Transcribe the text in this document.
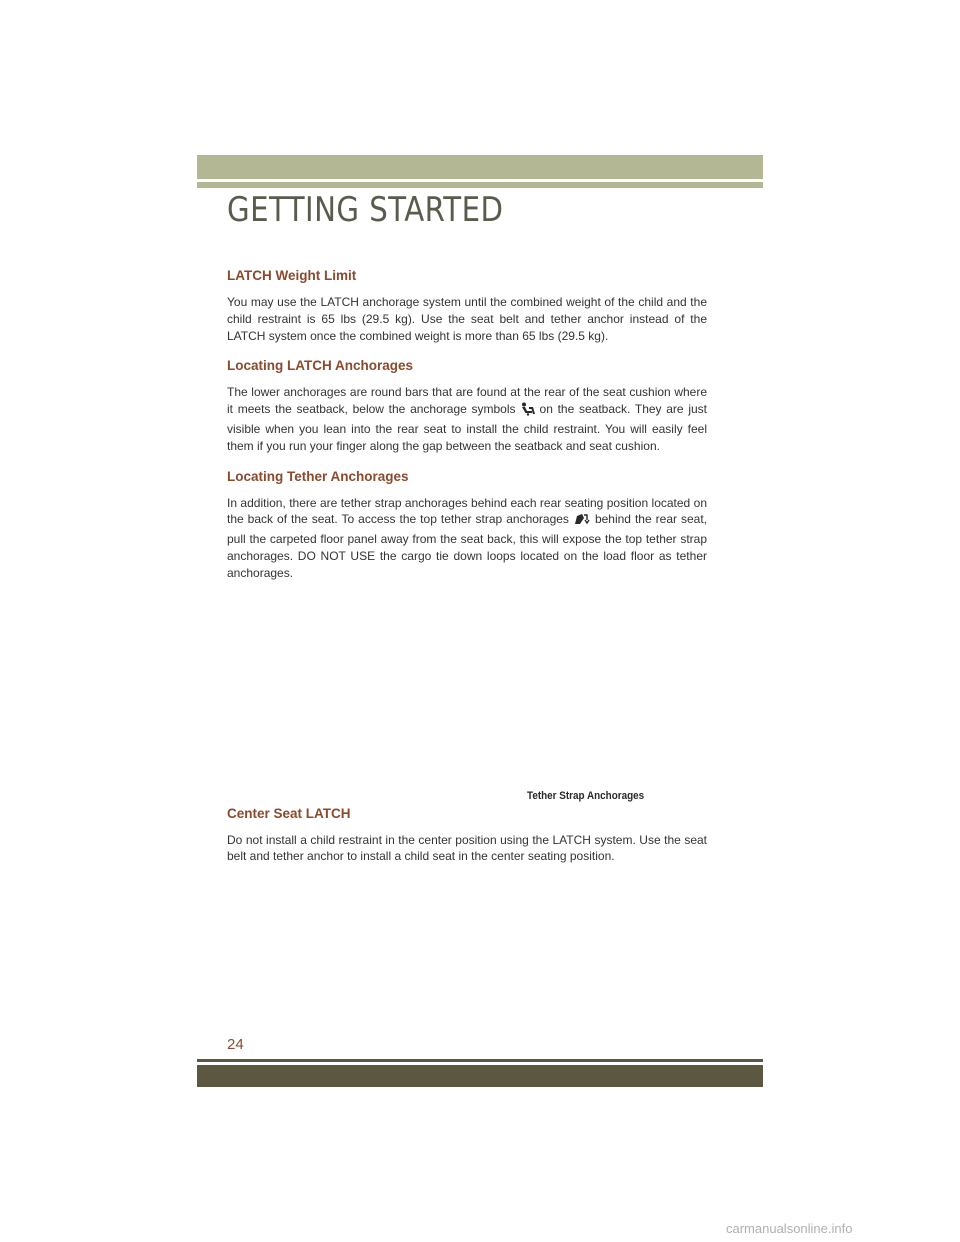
GETTING STARTED
LATCH Weight Limit

You may use the LATCH anchorage system until the combined weight of the child and the child restraint is 65 lbs (29.5 kg). Use the seat belt and tether anchor instead of the LATCH system once the combined weight is more than 65 lbs (29.5 kg).

Locating LATCH Anchorages

The lower anchorages are round bars that are found at the rear of the seat cushion where it meets the seatback, below the anchorage symbols on the seatback. They are just visible when you lean into the rear seat to install the child restraint. You will easily feel them if you run your finger along the gap between the seatback and seat cushion.

Locating Tether Anchorages

In addition, there are tether strap anchorages behind each rear seating position located on the back of the seat. To access the top tether strap anchorages behind the rear seat, pull the carpeted floor panel away from the seat back, this will expose the top tether strap anchorages. DO NOT USE the cargo tie down loops located on the load floor as tether anchorages.

Tether Strap Anchorages
Center Seat LATCH

Do not install a child restraint in the center position using the LATCH system. Use the seat belt and tether anchor to install a child seat in the center seating position.

24
carmanualsonline.info
